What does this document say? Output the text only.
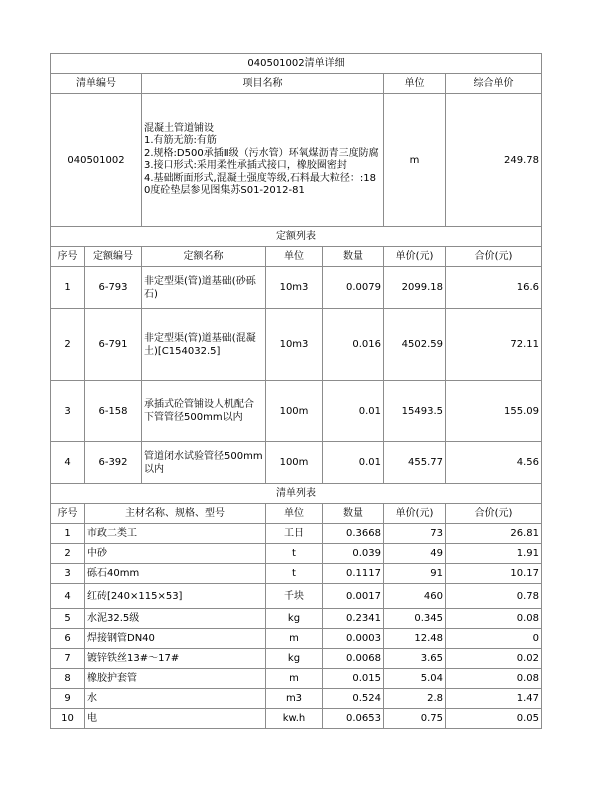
040501002清单详细						
清单编号		项目名称			单位	综合单价
040501002		混凝土管道铺设
1.有筋无筋:有筋
2.规格:D500承插Ⅱ级（污水管）环氧煤沥青三度防腐
3.接口形式:采用柔性承插式接口，橡胶圈密封
4.基础断面形式,混凝土强度等级,石料最大粒径：:180度砼垫层参见图集苏S01-2012-81			m	249.78
定额列表						
序号	定额编号	定额名称	单位	数量	单价(元)	合价(元)
1	6-793	非定型渠(管)道基础(砂砾石)	10m3	0.0079	2099.18	16.6
2	6-791	非定型渠(管)道基础(混凝土)[C154032.5]	10m3	0.016	4502.59	72.11
3	6-158	承插式砼管铺设人机配合下管管径500mm以内	100m	0.01	15493.5	155.09
4	6-392	管道闭水试验管径500mm以内	100m	0.01	455.77	4.56
清单列表						
序号	主材名称、规格、型号		单位	数量	单价(元)	合价(元)
1	市政二类工		工日	0.3668	73	26.81
2	中砂		t	0.039	49	1.91
3	砾石40mm		t	0.1117	91	10.17
4	红砖[240×115×53]		千块	0.0017	460	0.78
5	水泥32.5级		kg	0.2341	0.345	0.08
6	焊接钢管DN40		m	0.0003	12.48	0
7	镀锌铁丝13#～17#		kg	0.0068	3.65	0.02
8	橡胶护套管		m	0.015	5.04	0.08
9	水		m3	0.524	2.8	1.47
10	电		kw.h	0.0653	0.75	0.05
